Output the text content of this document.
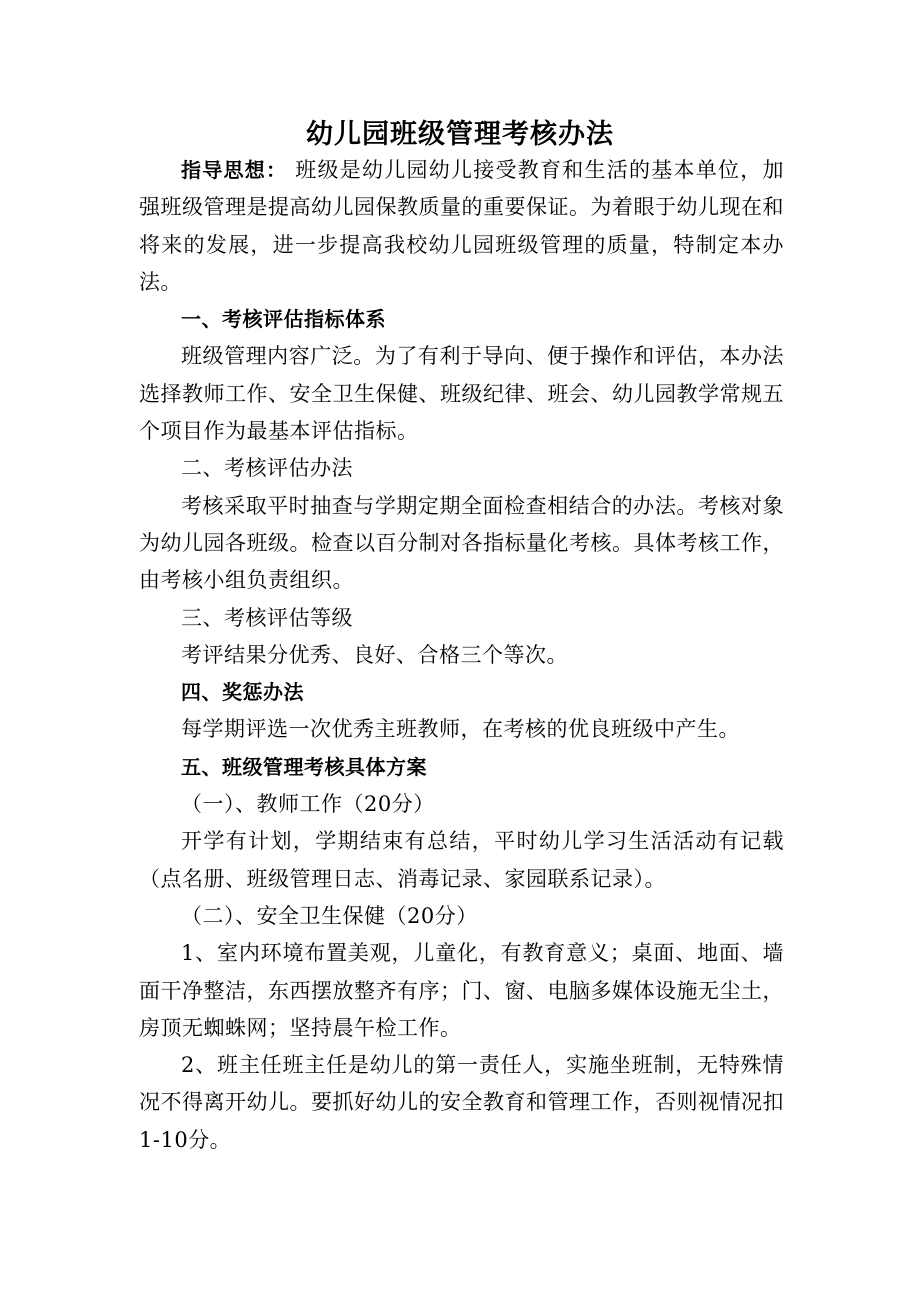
幼儿园班级管理考核办法

指导思想： 班级是幼儿园幼儿接受教育和生活的基本单位，加强班级管理是提高幼儿园保教质量的重要保证。为着眼于幼儿现在和将来的发展，进一步提高我校幼儿园班级管理的质量，特制定本办法。

一、考核评估指标体系

班级管理内容广泛。为了有利于导向、便于操作和评估，本办法选择教师工作、安全卫生保健、班级纪律、班会、幼儿园教学常规五个项目作为最基本评估指标。

二、考核评估办法

考核采取平时抽查与学期定期全面检查相结合的办法。考核对象为幼儿园各班级。检查以百分制对各指标量化考核。具体考核工作，由考核小组负责组织。

三、考核评估等级

考评结果分优秀、良好、合格三个等次。

四、奖惩办法

每学期评选一次优秀主班教师，在考核的优良班级中产生。

五、班级管理考核具体方案

（一）、教师工作（20分）

开学有计划，学期结束有总结，平时幼儿学习生活活动有记载（点名册、班级管理日志、消毒记录、家园联系记录）。

（二）、安全卫生保健（20分）

1、室内环境布置美观，儿童化，有教育意义；桌面、地面、墙面干净整洁，东西摆放整齐有序；门、窗、电脑多媒体设施无尘土，房顶无蜘蛛网；坚持晨午检工作。

2、班主任班主任是幼儿的第一责任人，实施坐班制，无特殊情况不得离开幼儿。要抓好幼儿的安全教育和管理工作，否则视情况扣1-10分。
